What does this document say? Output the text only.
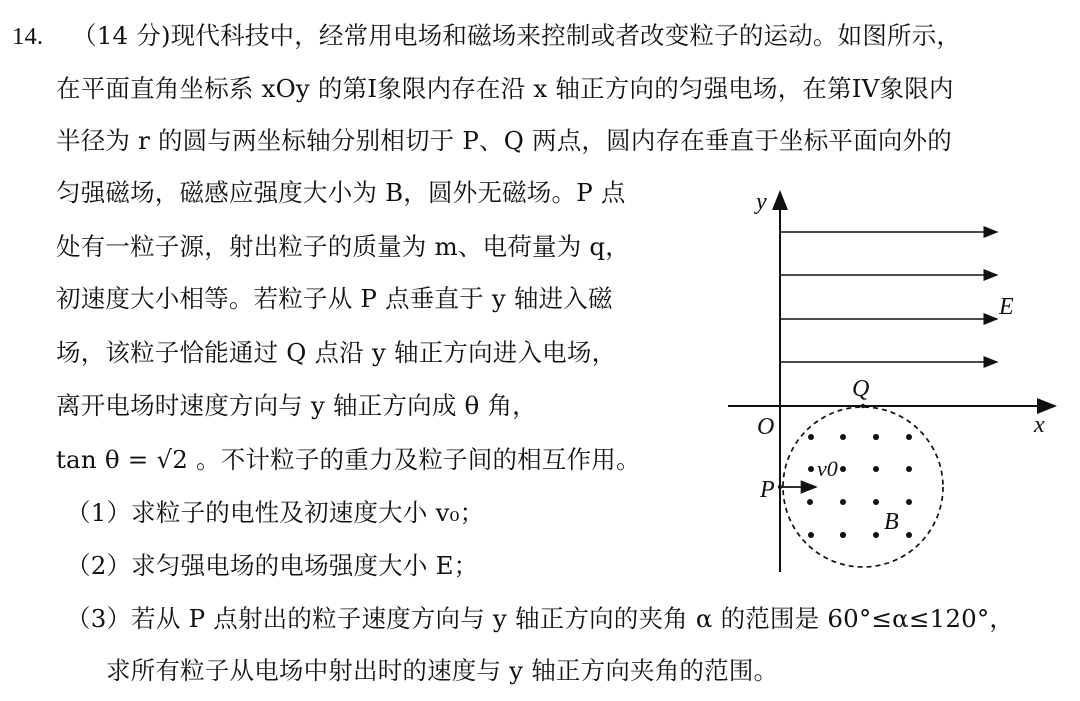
14.	（14 分)现代科技中，经常用电场和磁场来控制或者改变粒子的运动。如图所示，
在平面直角坐标系 xOy 的第I象限内存在沿 x 轴正方向的匀强电场，在第IV象限内
半径为 r 的圆与两坐标轴分别相切于 P、Q 两点，圆内存在垂直于坐标平面向外的
匀强磁场，磁感应强度大小为 B，圆外无磁场。P 点
处有一粒子源，射出粒子的质量为 m、电荷量为 q，
初速度大小相等。若粒子从 P 点垂直于 y 轴进入磁
场，该粒子恰能通过 Q 点沿 y 轴正方向进入电场，
离开电场时速度方向与 y 轴正方向成 θ 角，
tan θ = √2 。不计粒子的重力及粒子间的相互作用。
（1）求粒子的电性及初速度大小 v₀；
（2）求匀强电场的电场强度大小 E；
（3）若从 P 点射出的粒子速度方向与 y 轴正方向的夹角 α 的范围是 60°≤α≤120°，
求所有粒子从电场中射出时的速度与 y 轴正方向夹角的范围。
y
x
O
E
Q
P
v0
B
